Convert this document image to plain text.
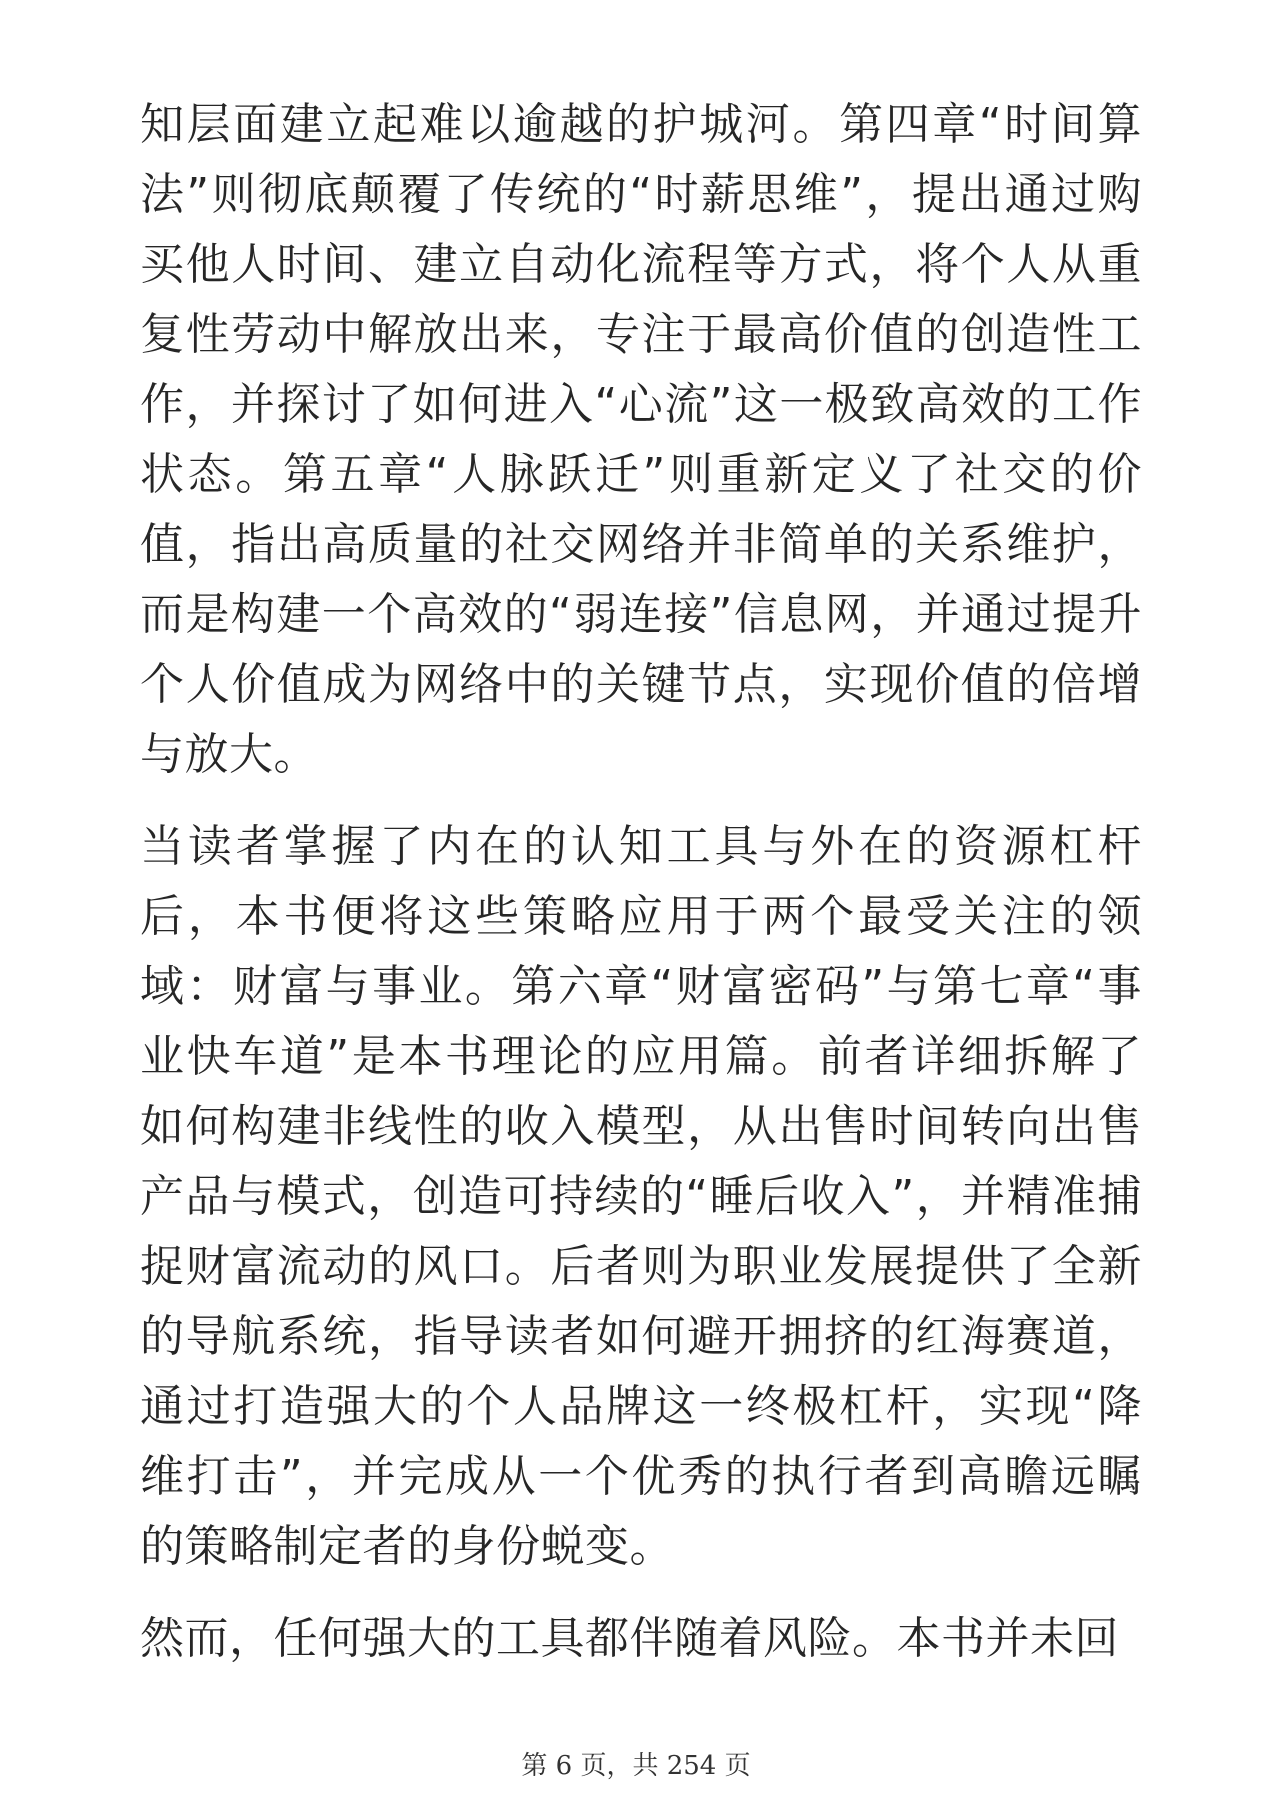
知层面建立起难以逾越的护城河。第四章“时间算法”则彻底颠覆了传统的“时薪思维”，提出通过购买他人时间、建立自动化流程等方式，将个人从重复性劳动中解放出来，专注于最高价值的创造性工作，并探讨了如何进入“心流”这一极致高效的工作状态。第五章“人脉跃迁”则重新定义了社交的价值，指出高质量的社交网络并非简单的关系维护，而是构建一个高效的“弱连接”信息网，并通过提升个人价值成为网络中的关键节点，实现价值的倍增与放大。

当读者掌握了内在的认知工具与外在的资源杠杆后，本书便将这些策略应用于两个最受关注的领域：财富与事业。第六章“财富密码”与第七章“事业快车道”是本书理论的应用篇。前者详细拆解了如何构建非线性的收入模型，从出售时间转向出售产品与模式，创造可持续的“睡后收入”，并精准捕捉财富流动的风口。后者则为职业发展提供了全新的导航系统，指导读者如何避开拥挤的红海赛道，通过打造强大的个人品牌这一终极杠杆，实现“降维打击”，并完成从一个优秀的执行者到高瞻远瞩的策略制定者的身份蜕变。

然而，任何强大的工具都伴随着风险。本书并未回

第 6 页，共 254 页
